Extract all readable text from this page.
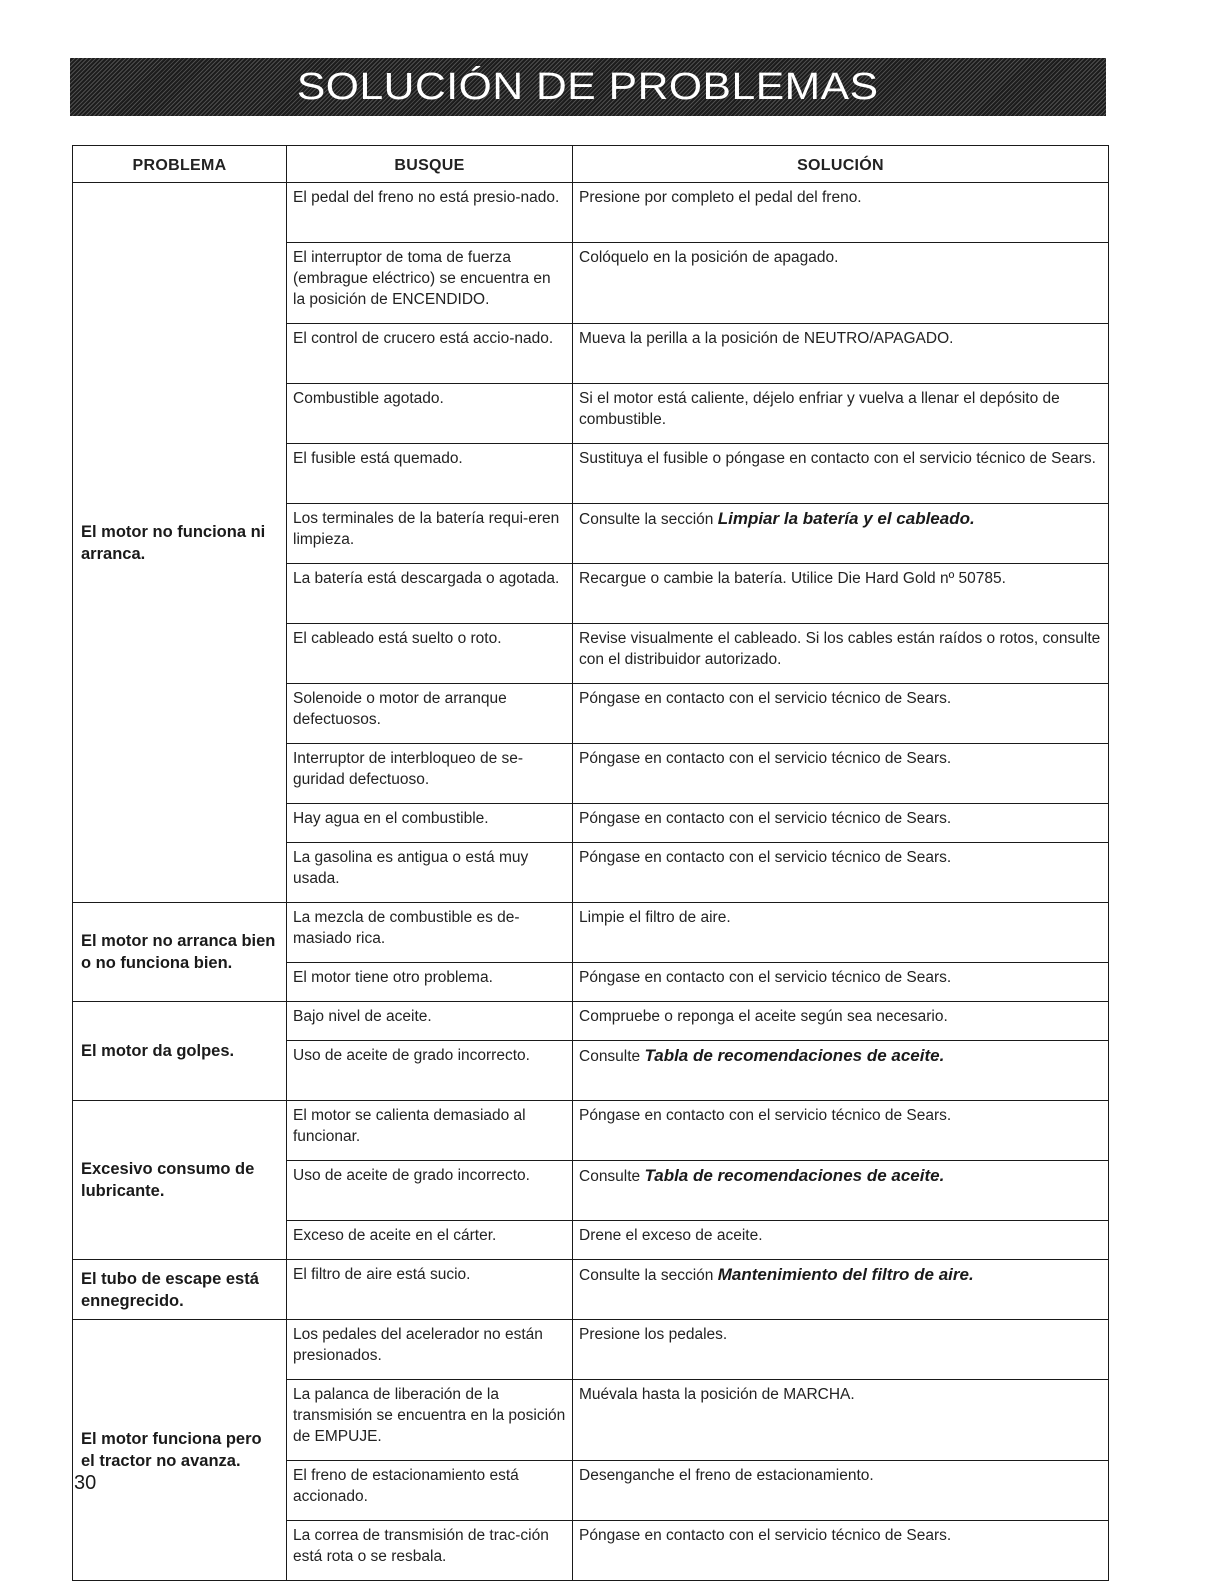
SOLUCIÓN DE PROBLEMAS
PROBLEMA	BUSQUE	SOLUCIÓN
El motor no funciona ni arranca.	El pedal del freno no está presio-nado.	Presione por completo el pedal del freno.
	El interruptor de toma de fuerza (embrague eléctrico) se encuentra en la posición de ENCENDIDO.	Colóquelo en la posición de apagado.
	El control de crucero está accio-nado.	Mueva la perilla a la posición de NEUTRO/APAGADO.
	Combustible agotado.	Si el motor está caliente, déjelo enfriar y vuelva a llenar el depósito de combustible.
	El fusible está quemado.	Sustituya el fusible o póngase en contacto con el servicio técnico de Sears.
	Los terminales de la batería requi-eren limpieza.	Consulte la sección Limpiar la batería y el cableado.
	La batería está descargada o agotada.	Recargue o cambie la batería. Utilice Die Hard Gold nº 50785.
	El cableado está suelto o roto.	Revise visualmente el cableado. Si los cables están raídos o rotos, consulte con el distribuidor autorizado.
	Solenoide o motor de arranque defectuosos.	Póngase en contacto con el servicio técnico de Sears.
	Interruptor de interbloqueo de se-guridad defectuoso.	Póngase en contacto con el servicio técnico de Sears.
	Hay agua en el combustible.	Póngase en contacto con el servicio técnico de Sears.
	La gasolina es antigua o está muy usada.	Póngase en contacto con el servicio técnico de Sears.
El motor no arranca bien o no funciona bien.	La mezcla de combustible es de-masiado rica.	Limpie el filtro de aire.
	El motor tiene otro problema.	Póngase en contacto con el servicio técnico de Sears.
El motor da golpes.	Bajo nivel de aceite.	Compruebe o reponga el aceite según sea necesario.
	Uso de aceite de grado incorrecto.	Consulte Tabla de recomendaciones de aceite.
Excesivo consumo de lubricante.	El motor se calienta demasiado al funcionar.	Póngase en contacto con el servicio técnico de Sears.
	Uso de aceite de grado incorrecto.	Consulte Tabla de recomendaciones de aceite.
	Exceso de aceite en el cárter.	Drene el exceso de aceite.
El tubo de escape está ennegrecido.	El filtro de aire está sucio.	Consulte la sección Mantenimiento del filtro de aire.
El motor funciona pero el tractor no avanza.	Los pedales del acelerador no están presionados.	Presione los pedales.
	La palanca de liberación de la transmisión se encuentra en la posición de EMPUJE.	Muévala hasta la posición de MARCHA.
	El freno de estacionamiento está accionado.	Desenganche el freno de estacionamiento.
	La correa de transmisión de trac-ción está rota o se resbala.	Póngase en contacto con el servicio técnico de Sears.
30
